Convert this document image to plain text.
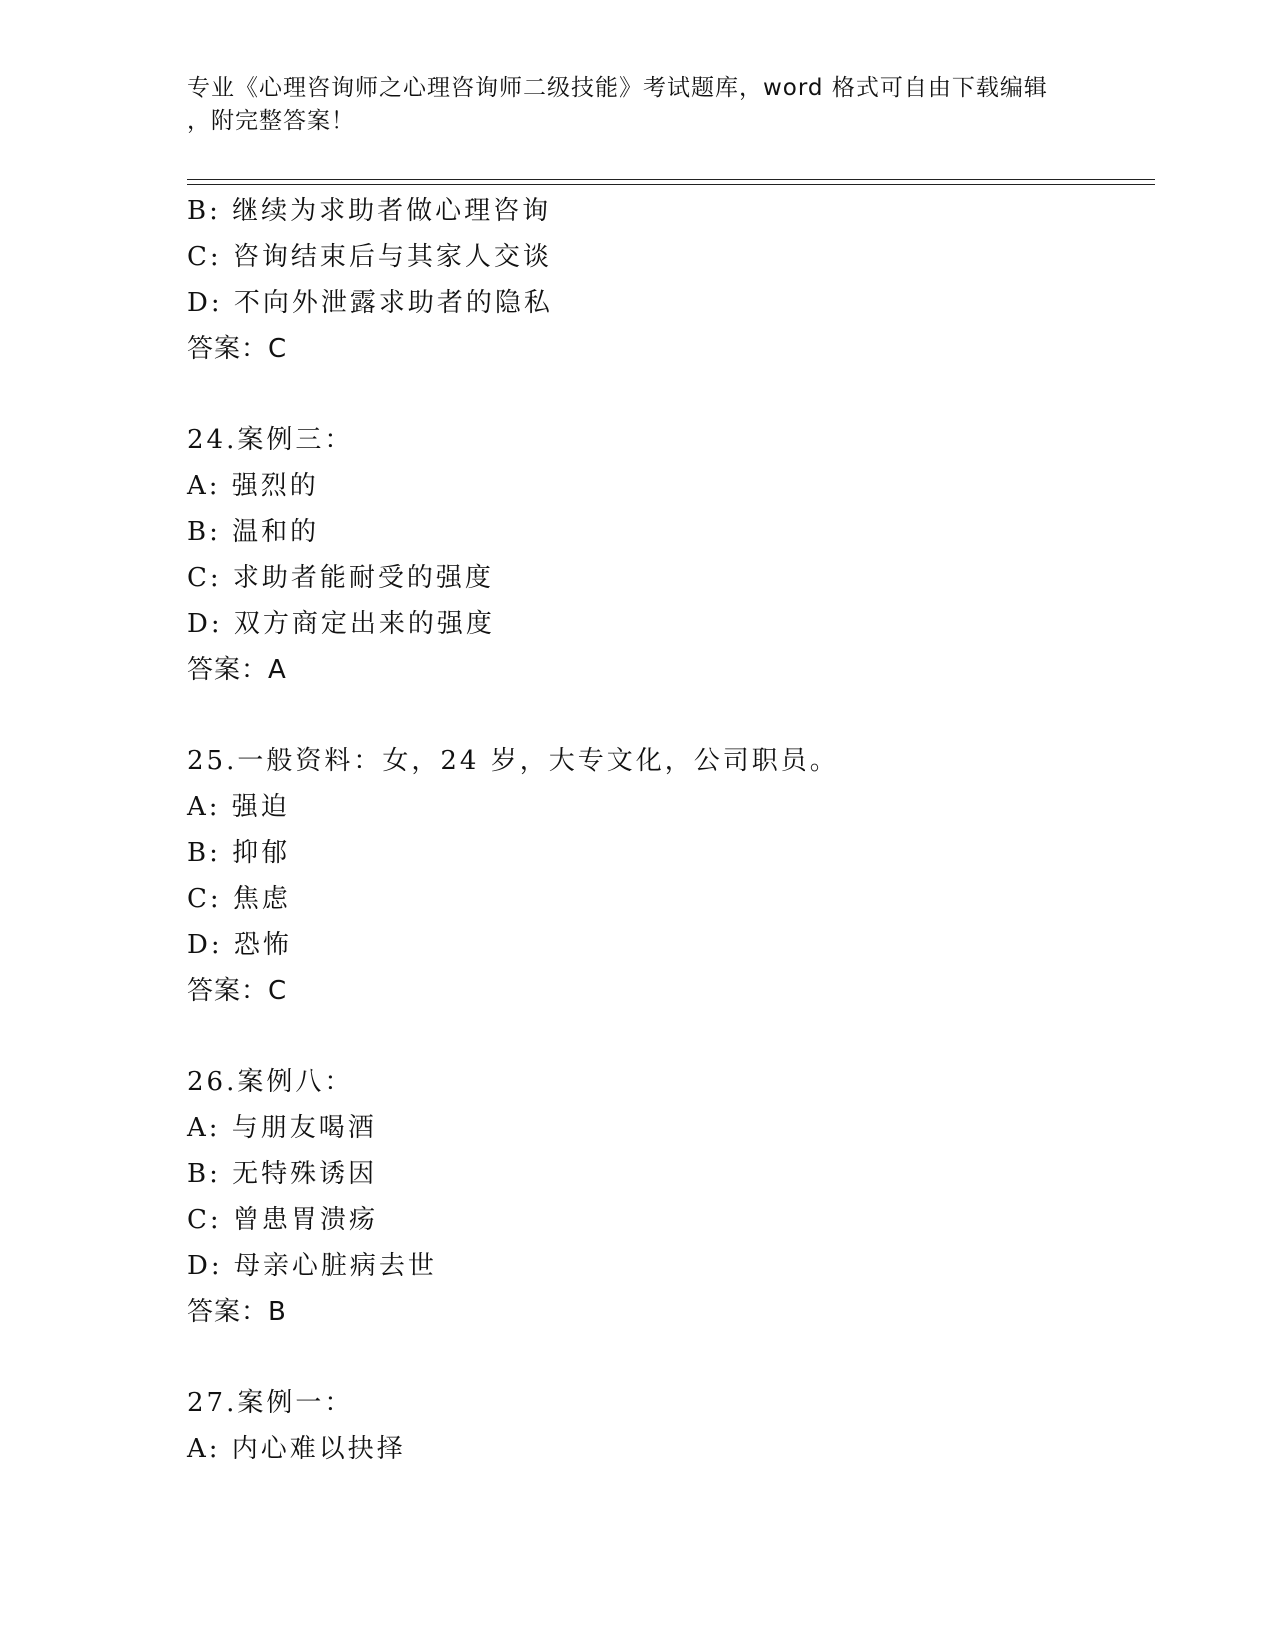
专业《心理咨询师之心理咨询师二级技能》考试题库，word 格式可自由下载编辑
，附完整答案！
B: 继续为求助者做心理咨询
C: 咨询结束后与其家人交谈
D: 不向外泄露求助者的隐私
答案：C
24.案例三：
A: 强烈的
B: 温和的
C: 求助者能耐受的强度
D: 双方商定出来的强度
答案：A
25.一般资料：女，24 岁，大专文化，公司职员。
A: 强迫
B: 抑郁
C: 焦虑
D: 恐怖
答案：C
26.案例八：
A: 与朋友喝酒
B: 无特殊诱因
C: 曾患胃溃疡
D: 母亲心脏病去世
答案：B
27.案例一：
A: 内心难以抉择
